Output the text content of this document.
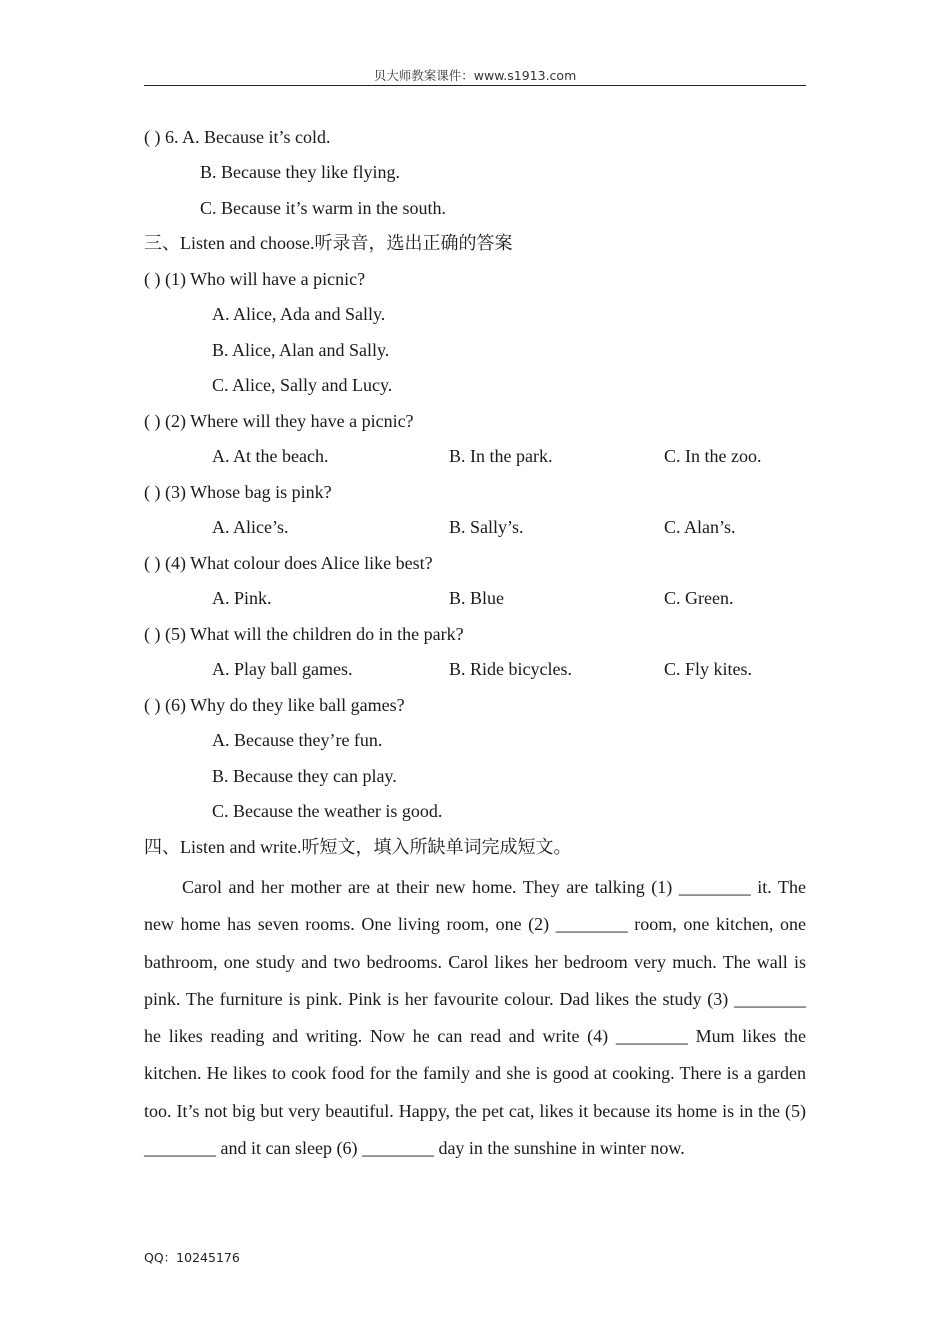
贝大师教案课件：www.s1913.com
( ) 6. A. Because it’s cold.
B. Because they like flying.
C. Because it’s warm in the south.
三、Listen and choose.听录音，选出正确的答案
( ) (1) Who will have a picnic?
A. Alice, Ada and Sally.
B. Alice, Alan and Sally.
C. Alice, Sally and Lucy.
( ) (2) Where will they have a picnic?
A. At the beach.	B. In the park.	C. In the zoo.
( ) (3) Whose bag is pink?
A. Alice’s.	B. Sally’s.	C. Alan’s.
( ) (4) What colour does Alice like best?
A. Pink.	B. Blue	C. Green.
( ) (5) What will the children do in the park?
A. Play ball games.	B. Ride bicycles.	C. Fly kites.
( ) (6) Why do they like ball games?
A. Because they’re fun.
B. Because they can play.
C. Because the weather is good.
四、Listen and write.听短文，填入所缺单词完成短文。
Carol and her mother are at their new home. They are talking (1) ________ it. The new home has seven rooms. One living room, one (2) ________ room, one kitchen, one bathroom, one study and two bedrooms. Carol likes her bedroom very much. The wall is pink. The furniture is pink. Pink is her favourite colour. Dad likes the study (3) ________ he likes reading and writing. Now he can read and write (4) ________ Mum likes the kitchen. He likes to cook food for the family and she is good at cooking. There is a garden too. It’s not big but very beautiful. Happy, the pet cat, likes it because its home is in the (5) ________ and it can sleep (6) ________ day in the sunshine in winter now.
QQ：10245176
